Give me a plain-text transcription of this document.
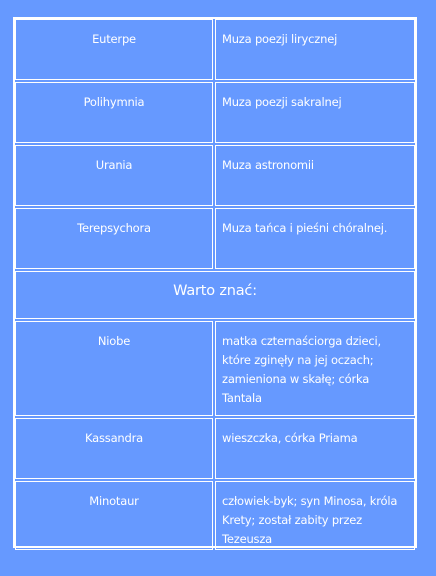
Euterpe	Muza poezji lirycznej
Polihymnia	Muza poezji sakralnej
Urania	Muza astronomii
Terepsychora	Muza tańca i pieśni chóralnej.
Warto znać:
Niobe	matka czternaściorga dzieci, które zginęły na jej oczach; zamieniona w skałę; córka Tantala
Kassandra	wieszczka, córka Priama
Minotaur	człowiek-byk; syn Minosa, króla Krety; został zabity przez Tezeusza
